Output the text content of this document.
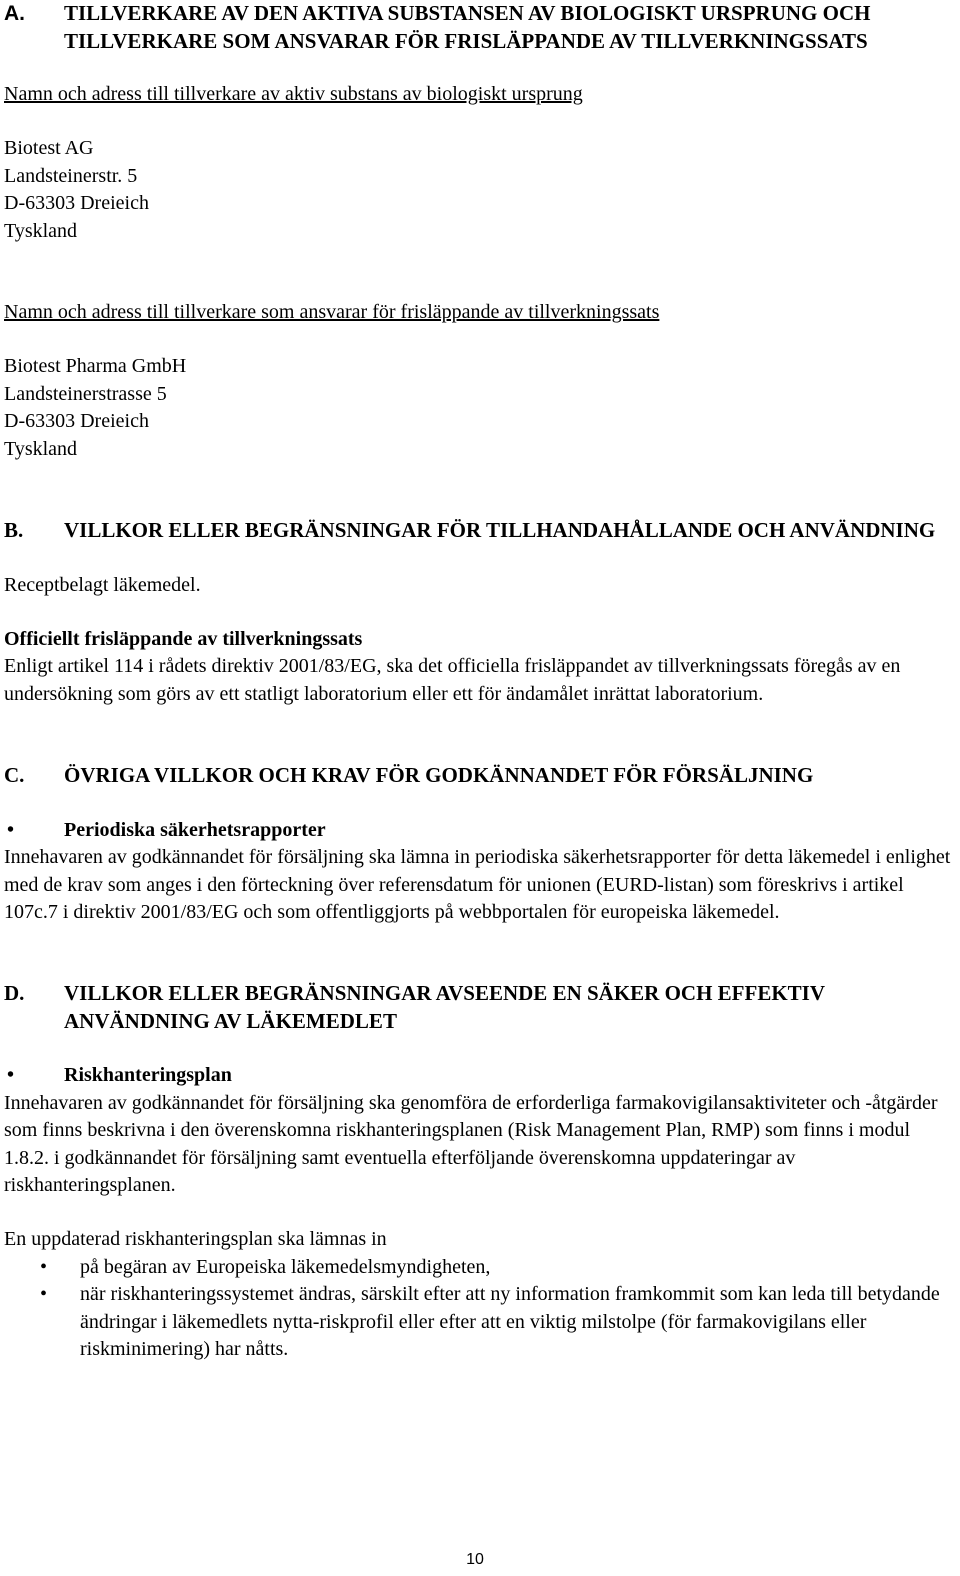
A.	TILLVERKARE AV DEN AKTIVA SUBSTANSEN AV BIOLOGISKT URSPRUNG OCH TILLVERKARE SOM ANSVARAR FÖR FRISLÄPPANDE AV TILLVERKNINGSSATS

Namn och adress till tillverkare av aktiv substans av biologiskt ursprung

Biotest AG

Landsteinerstr. 5

D-63303 Dreieich

Tyskland

Namn och adress till tillverkare som ansvarar för frisläppande av tillverkningssats

Biotest Pharma GmbH

Landsteinerstrasse 5

D-63303 Dreieich

Tyskland

B.	VILLKOR ELLER BEGRÄNSNINGAR FÖR TILLHANDAHÅLLANDE OCH ANVÄNDNING

Receptbelagt läkemedel.

Officiellt frisläppande av tillverkningssats

Enligt artikel 114 i rådets direktiv 2001/83/EG, ska det officiella frisläppandet av tillverkningssats föregås av en undersökning som görs av ett statligt laboratorium eller ett för ändamålet inrättat laboratorium.

C.	ÖVRIGA VILLKOR OCH KRAV FÖR GODKÄNNANDET FÖR FÖRSÄLJNING
•	Periodiska säkerhetsrapporter

Innehavaren av godkännandet för försäljning ska lämna in periodiska säkerhetsrapporter för detta läkemedel i enlighet med de krav som anges i den förteckning över referensdatum för unionen (EURD-listan) som föreskrivs i artikel 107c.7 i direktiv 2001/83/EG och som offentliggjorts på webbportalen för europeiska läkemedel.

D.	VILLKOR ELLER BEGRÄNSNINGAR AVSEENDE EN SÄKER OCH EFFEKTIV ANVÄNDNING AV LÄKEMEDLET
•	Riskhanteringsplan

Innehavaren av godkännandet för försäljning ska genomföra de erforderliga farmakovigilansaktiviteter och -åtgärder som finns beskrivna i den överenskomna riskhanteringsplanen (Risk Management Plan, RMP) som finns i modul 1.8.2. i godkännandet för försäljning samt eventuella efterföljande överenskomna uppdateringar av riskhanteringsplanen.

En uppdaterad riskhanteringsplan ska lämnas in

•	på begäran av Europeiska läkemedelsmyndigheten,
•	när riskhanteringssystemet ändras, särskilt efter att ny information framkommit som kan leda till betydande ändringar i läkemedlets nytta-riskprofil eller efter att en viktig milstolpe (för farmakovigilans eller riskminimering) har nåtts.
10
